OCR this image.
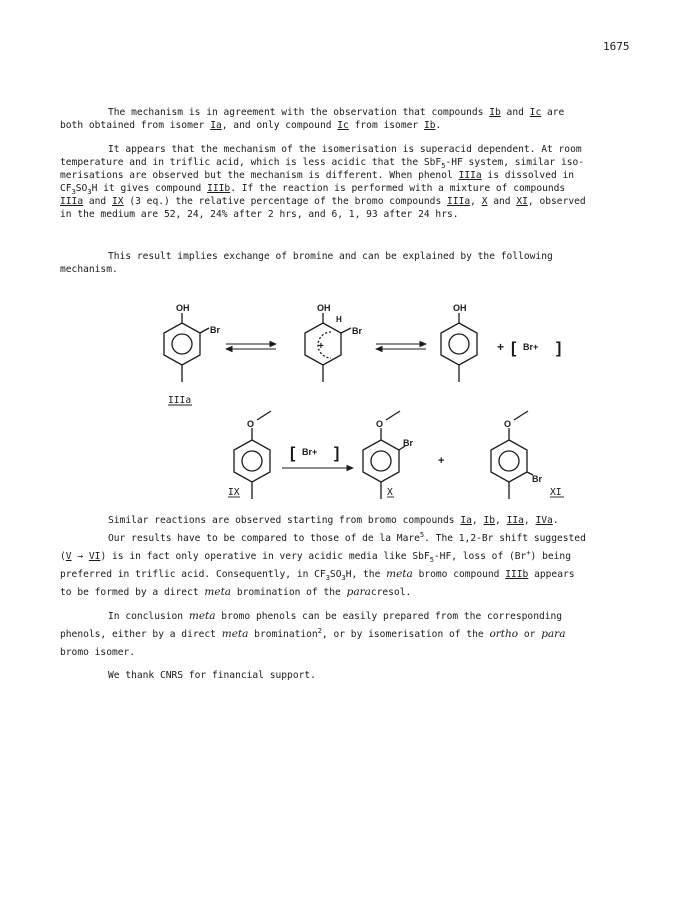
1675

The mechanism is in agreement with the observation that compounds Ib and Ic are

both obtained from isomer Ia, and only compound Ic from isomer Ib.

It appears that the mechanism of the isomerisation is superacid dependent. At room

temperature and in triflic acid, which is less acidic that the SbF$_5$-HF system, similar iso-

merisations are observed but the mechanism is different. When phenol IIIa is dissolved in

$CF_3SO_3H$ it gives compound IIIb. If the reaction is performed with a mixture of compounds

IIIa and IX (3 eq.) the relative percentage of the bromo compounds IIIa, X and XI, observed

in the medium are 52, 24, 24% after 2 hrs, and 6, 1, 93 after 24 hrs.

This result implies exchange of bromine and can be explained by the following

mechanism.

OH
Br
IIIa
OH
H
Br
+
OH
+ [ Br+ ]
O
IX
[ Br+ ]
O
Br
X
+
O
Br
XI

Similar reactions are observed starting from bromo compounds Ia, Ib, IIa, IVa.

Our results have to be compared to those of de la Mare$^5$. The 1,2-Br shift suggested

(V → VI) is in fact only operative in very acidic media like SbF$_5$-HF, loss of (Br+) being

preferred in triflic acid. Consequently, in $CF_3SO_3H$, the meta bromo compound IIIb appears

to be formed by a direct meta bromination of the paracresol.

In conclusion meta bromo phenols can be easily prepared from the corresponding

phenols, either by a direct meta bromination$^2$, or by isomerisation of the ortho or para

bromo isomer.

We thank CNRS for financial support.
